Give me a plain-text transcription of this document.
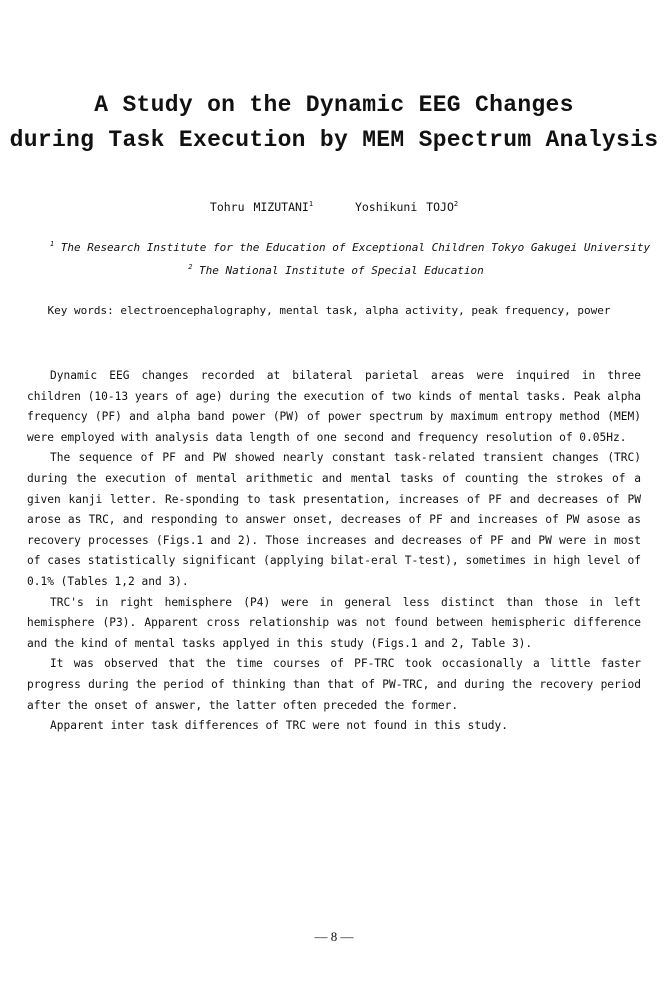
A Study on the Dynamic EEG Changes
during Task Execution by MEM Spectrum Analysis
Tohru MIZUTANI$^1$	Yoshikuni TOJO$^2$
$^1$ The Research Institute for the Education of Exceptional Children Tokyo Gakugei University
$^2$ The National Institute of Special Education
Key words: electroencephalography, mental task, alpha activity, peak frequency, power

Dynamic EEG changes recorded at bilateral parietal areas were inquired in three children (10-13 years of age) during the execution of two kinds of mental tasks. Peak alpha frequency (PF) and alpha band power (PW) of power spectrum by maximum entropy method (MEM) were employed with analysis data length of one second and frequency resolution of 0.05Hz.

The sequence of PF and PW showed nearly constant task-related transient changes (TRC) during the execution of mental arithmetic and mental tasks of counting the strokes of a given kanji letter. Re-sponding to task presentation, increases of PF and decreases of PW arose as TRC, and responding to answer onset, decreases of PF and increases of PW asose as recovery processes (Figs.1 and 2). Those increases and decreases of PF and PW were in most of cases statistically significant (applying bilat-eral T-test), sometimes in high level of 0.1% (Tables 1,2 and 3).

TRC's in right hemisphere (P4) were in general less distinct than those in left hemisphere (P3). Apparent cross relationship was not found between hemispheric difference and the kind of mental tasks applyed in this study (Figs.1 and 2, Table 3).

It was observed that the time courses of PF-TRC took occasionally a little faster progress during the period of thinking than that of PW-TRC, and during the recovery period after the onset of answer, the latter often preceded the former.

Apparent inter task differences of TRC were not found in this study.

— 8 —
